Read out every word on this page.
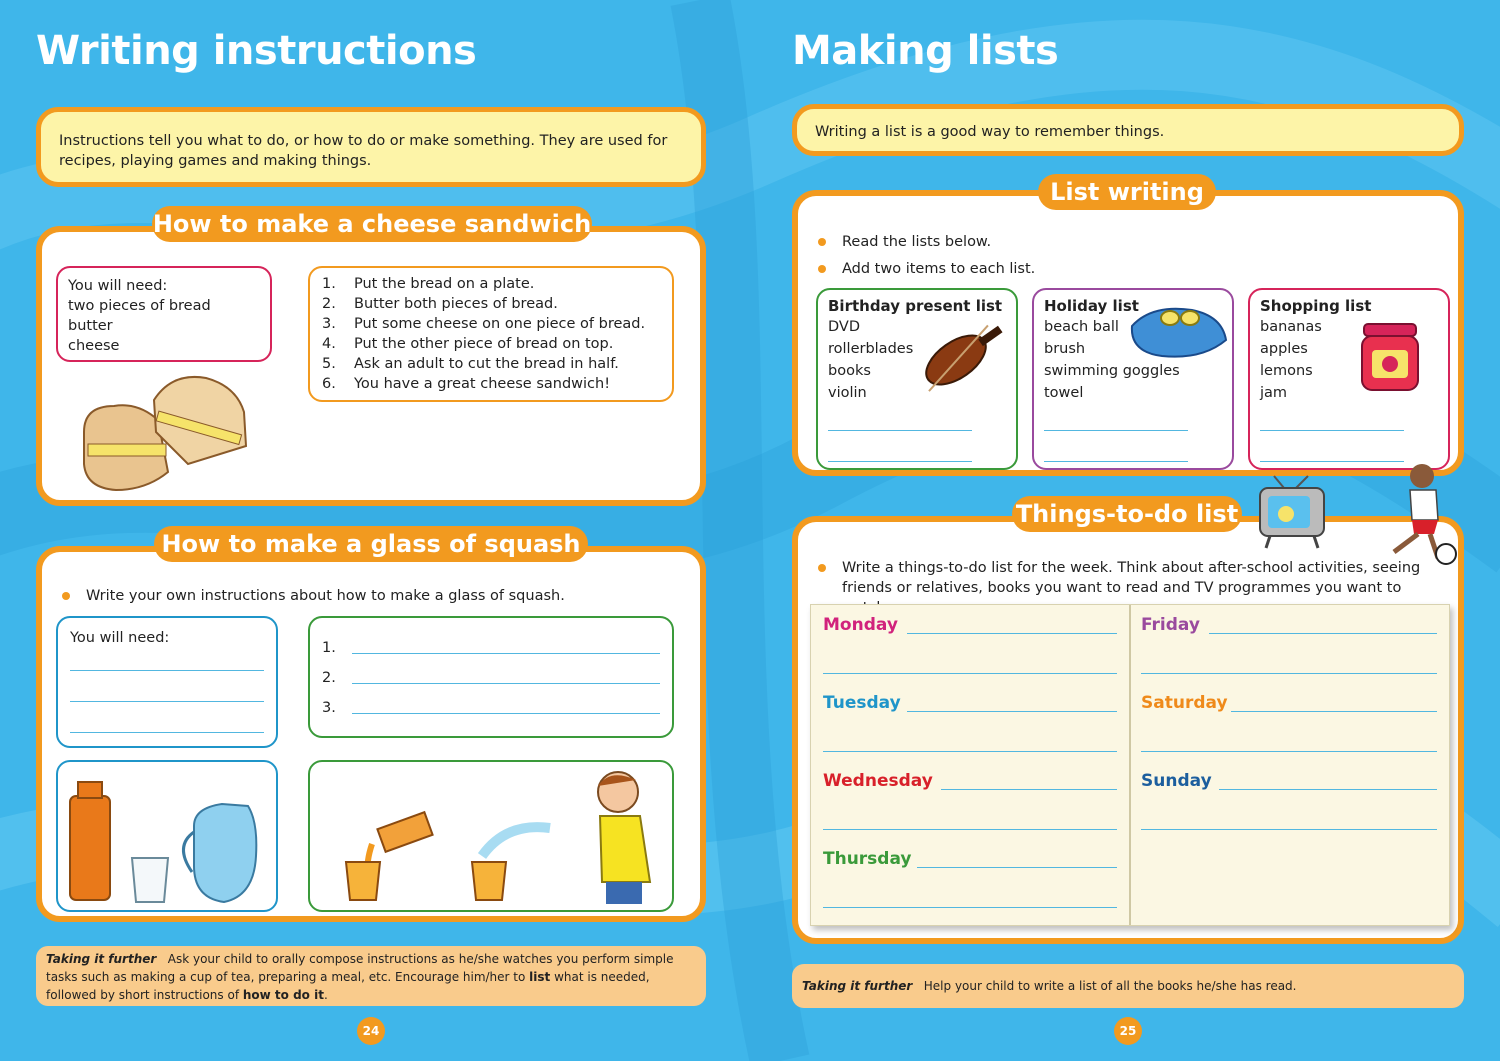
Writing instructions
Instructions tell you what to do, or how to do or make something. They are used for recipes, playing games and making things.
You will need:
two pieces of bread
butter
cheese
1.	Put the bread on a plate.
2.	Butter both pieces of bread.
3.	Put some cheese on one piece of bread.
4.	Put the other piece of bread on top.
5.	Ask an adult to cut the bread in half.
6.	You have a great cheese sandwich!
How to make a cheese sandwich
Write your own instructions about how to make a glass of squash.
You will need:
1.
2.
3.
How to make a glass of squash
Taking it further Ask your child to orally compose instructions as he/she watches you perform simple tasks such as making a cup of tea, preparing a meal, etc. Encourage him/her to list what is needed, followed by short instructions of how to do it.
24
Making lists
Writing a list is a good way to remember things.
Read the lists below.
Add two items to each list.
Birthday present list
DVD
rollerblades
books
violin
Holiday list
beach ball
brush
swimming goggles
towel
Shopping list
bananas
apples
lemons
jam
List writing
Write a things-to-do list for the week. Think about after-school activities, seeing friends or relatives, books you want to read and TV programmes you want to
Monday
Tuesday
Wednesday
Thursday
Friday
Saturday
Sunday
Things-to-do list
Taking it further Help your child to write a list of all the books he/she has read.
25
